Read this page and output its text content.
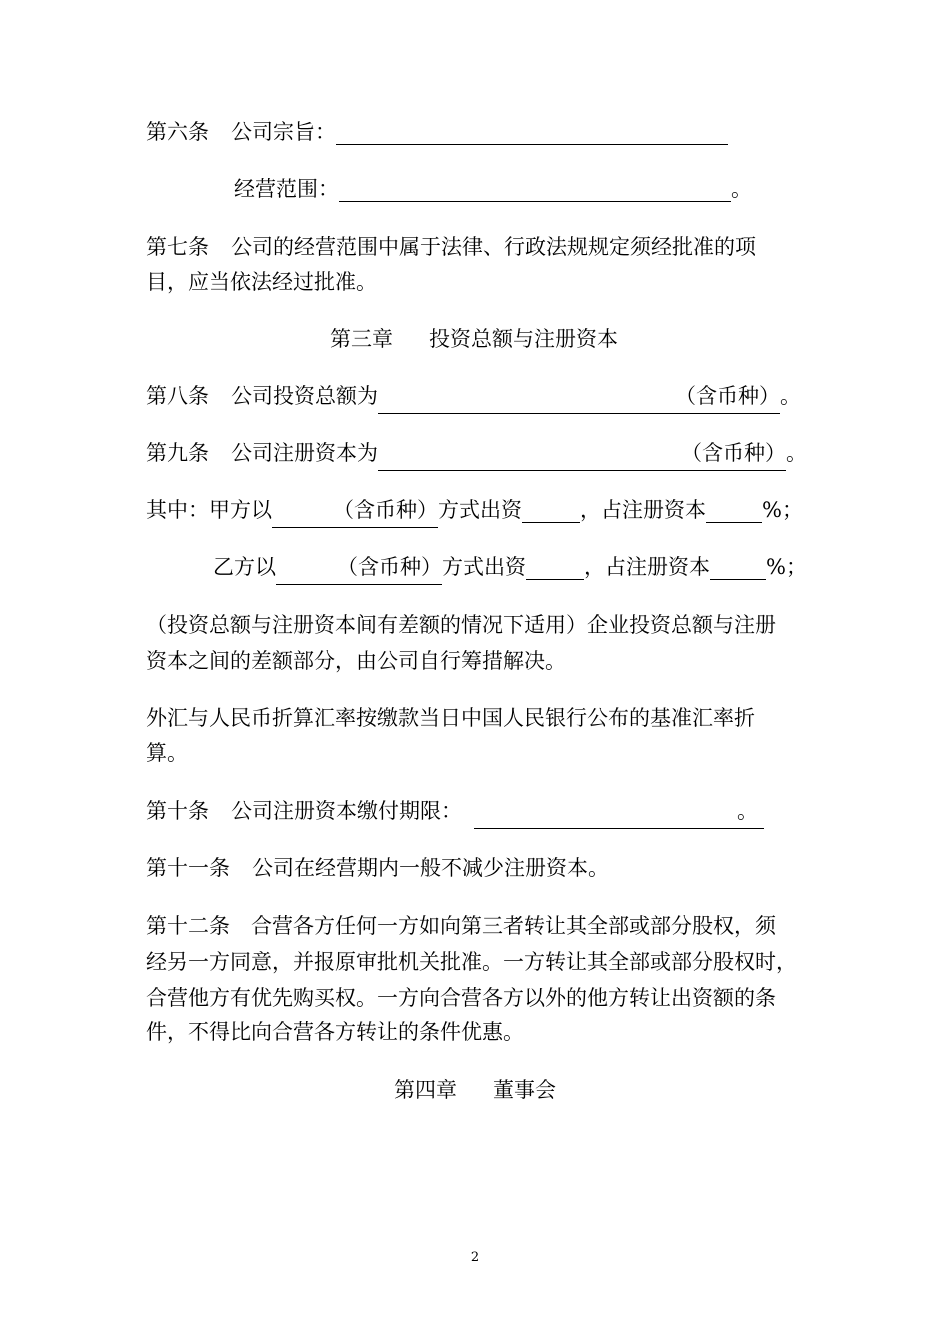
第六条 公司宗旨：
经营范围：	。
第七条 公司的经营范围中属于法律、行政法规规定须经批准的项
目，应当依法经过批准。
第三章 投资总额与注册资本
第八条 公司投资总额为	（含币种）。
第九条 公司注册资本为	（含币种）。
其中：甲方以	（含币种）方式出资	，占注册资本	%；
乙方以	（含币种）方式出资	，占注册资本	%；
（投资总额与注册资本间有差额的情况下适用）企业投资总额与注册
资本之间的差额部分，由公司自行筹措解决。
外汇与人民币折算汇率按缴款当日中国人民银行公布的基准汇率折
算。
第十条 公司注册资本缴付期限：	。
第十一条 公司在经营期内一般不减少注册资本。
第十二条　合营各方任何一方如向第三者转让其全部或部分股权，须
经另一方同意，并报原审批机关批准。一方转让其全部或部分股权时，
合营他方有优先购买权。一方向合营各方以外的他方转让出资额的条
件，不得比向合营各方转让的条件优惠。
第四章 董事会
2
